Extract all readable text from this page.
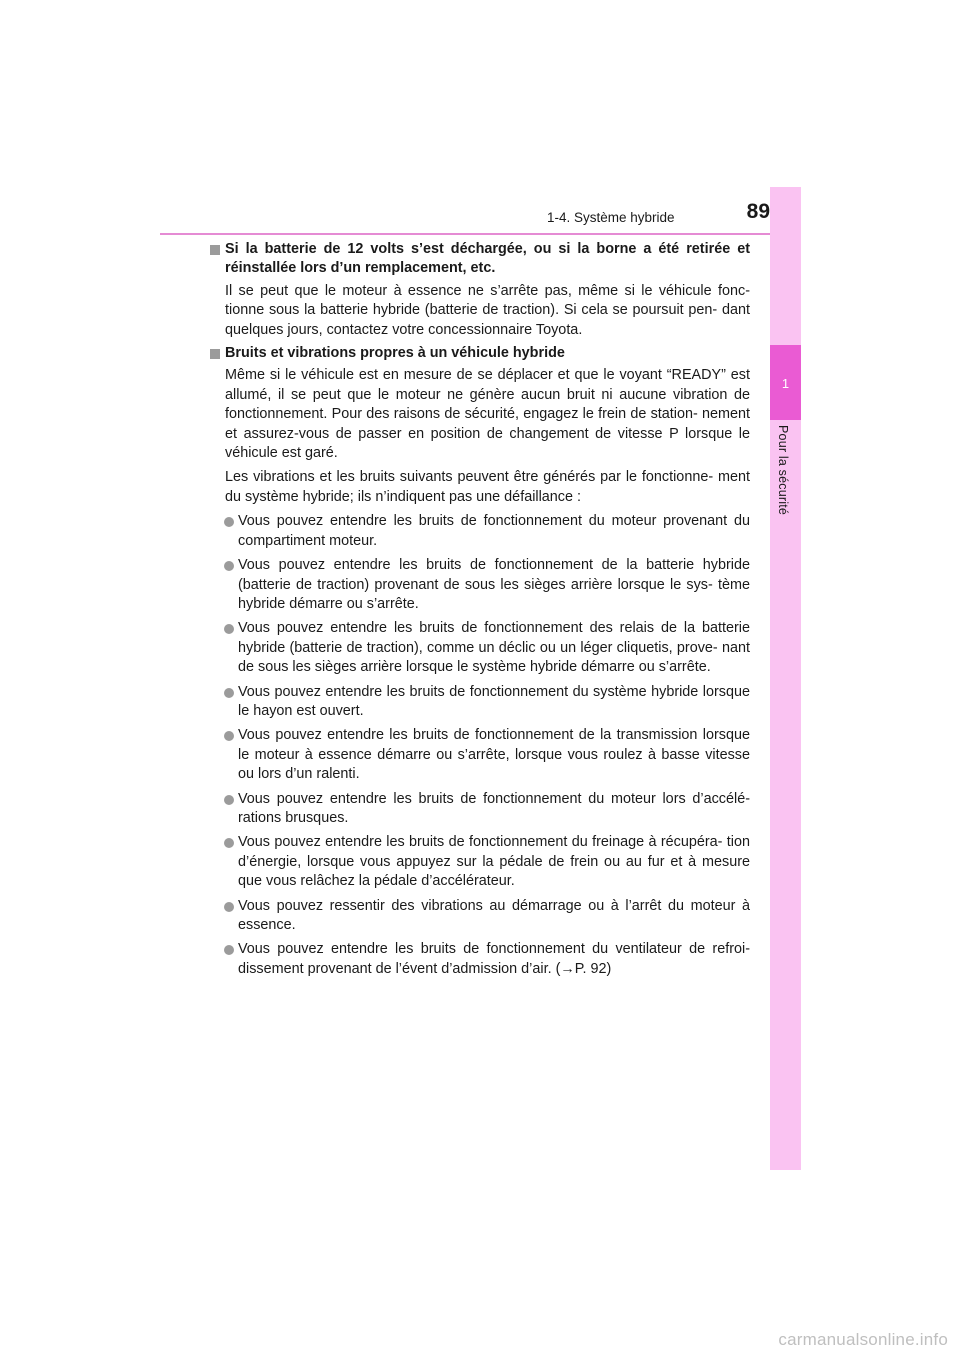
1-4. Système hybride	89
1
Pour la sécurité
Si la batterie de 12 volts s’est déchargée, ou si la borne a été retirée et réinstallée lors d’un remplacement, etc.
Il se peut que le moteur à essence ne s’arrête pas, même si le véhicule fonc- tionne sous la batterie hybride (batterie de traction). Si cela se poursuit pen- dant quelques jours, contactez votre concessionnaire Toyota.
Bruits et vibrations propres à un véhicule hybride
Même si le véhicule est en mesure de se déplacer et que le voyant “READY” est allumé, il se peut que le moteur ne génère aucun bruit ni aucune vibration de fonctionnement. Pour des raisons de sécurité, engagez le frein de station- nement et assurez-vous de passer en position de changement de vitesse P lorsque le véhicule est garé.
Les vibrations et les bruits suivants peuvent être générés par le fonctionne- ment du système hybride; ils n’indiquent pas une défaillance :
Vous pouvez entendre les bruits de fonctionnement du moteur provenant du compartiment moteur.
Vous pouvez entendre les bruits de fonctionnement de la batterie hybride (batterie de traction) provenant de sous les sièges arrière lorsque le sys- tème hybride démarre ou s’arrête.
Vous pouvez entendre les bruits de fonctionnement des relais de la batterie hybride (batterie de traction), comme un déclic ou un léger cliquetis, prove- nant de sous les sièges arrière lorsque le système hybride démarre ou s’arrête.
Vous pouvez entendre les bruits de fonctionnement du système hybride lorsque le hayon est ouvert.
Vous pouvez entendre les bruits de fonctionnement de la transmission lorsque le moteur à essence démarre ou s’arrête, lorsque vous roulez à basse vitesse ou lors d’un ralenti.
Vous pouvez entendre les bruits de fonctionnement du moteur lors d’accélé- rations brusques.
Vous pouvez entendre les bruits de fonctionnement du freinage à récupéra- tion d’énergie, lorsque vous appuyez sur la pédale de frein ou au fur et à mesure que vous relâchez la pédale d’accélérateur.
Vous pouvez ressentir des vibrations au démarrage ou à l’arrêt du moteur à essence.
Vous pouvez entendre les bruits de fonctionnement du ventilateur de refroi- dissement provenant de l’évent d’admission d’air. (→P. 92)
carmanualsonline.info
